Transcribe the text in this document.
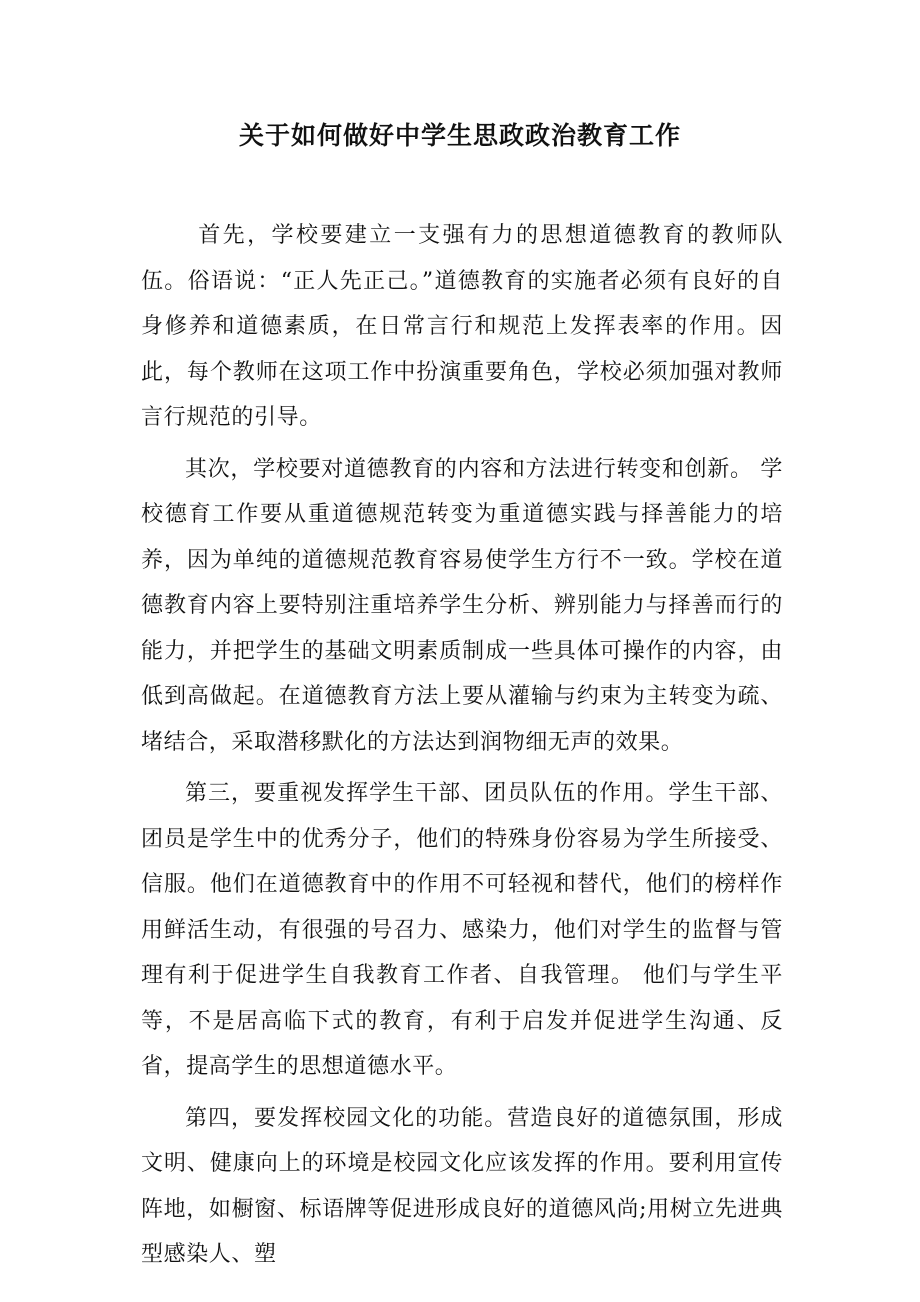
关于如何做好中学生思政政治教育工作

首先，学校要建立一支强有力的思想道德教育的教师队伍。俗语说：“正人先正己。”道德教育的实施者必须有良好的自身修养和道德素质，在日常言行和规范上发挥表率的作用。因此，每个教师在这项工作中扮演重要角色，学校必须加强对教师言行规范的引导。

其次，学校要对道德教育的内容和方法进行转变和创新。 学校德育工作要从重道德规范转变为重道德实践与择善能力的培养，因为单纯的道德规范教育容易使学生方行不一致。学校在道德教育内容上要特别注重培养学生分析、辨别能力与择善而行的能力，并把学生的基础文明素质制成一些具体可操作的内容，由低到高做起。在道德教育方法上要从灌输与约束为主转变为疏、堵结合，采取潜移默化的方法达到润物细无声的效果。

第三，要重视发挥学生干部、团员队伍的作用。学生干部、团员是学生中的优秀分子，他们的特殊身份容易为学生所接受、信服。他们在道德教育中的作用不可轻视和替代，他们的榜样作用鲜活生动，有很强的号召力、感染力，他们对学生的监督与管理有利于促进学生自我教育工作者、自我管理。 他们与学生平等，不是居高临下式的教育，有利于启发并促进学生沟通、反省，提高学生的思想道德水平。

第四，要发挥校园文化的功能。营造良好的道德氛围，形成文明、健康向上的环境是校园文化应该发挥的作用。要利用宣传阵地，如橱窗、标语牌等促进形成良好的道德风尚;用树立先进典型感染人、塑
